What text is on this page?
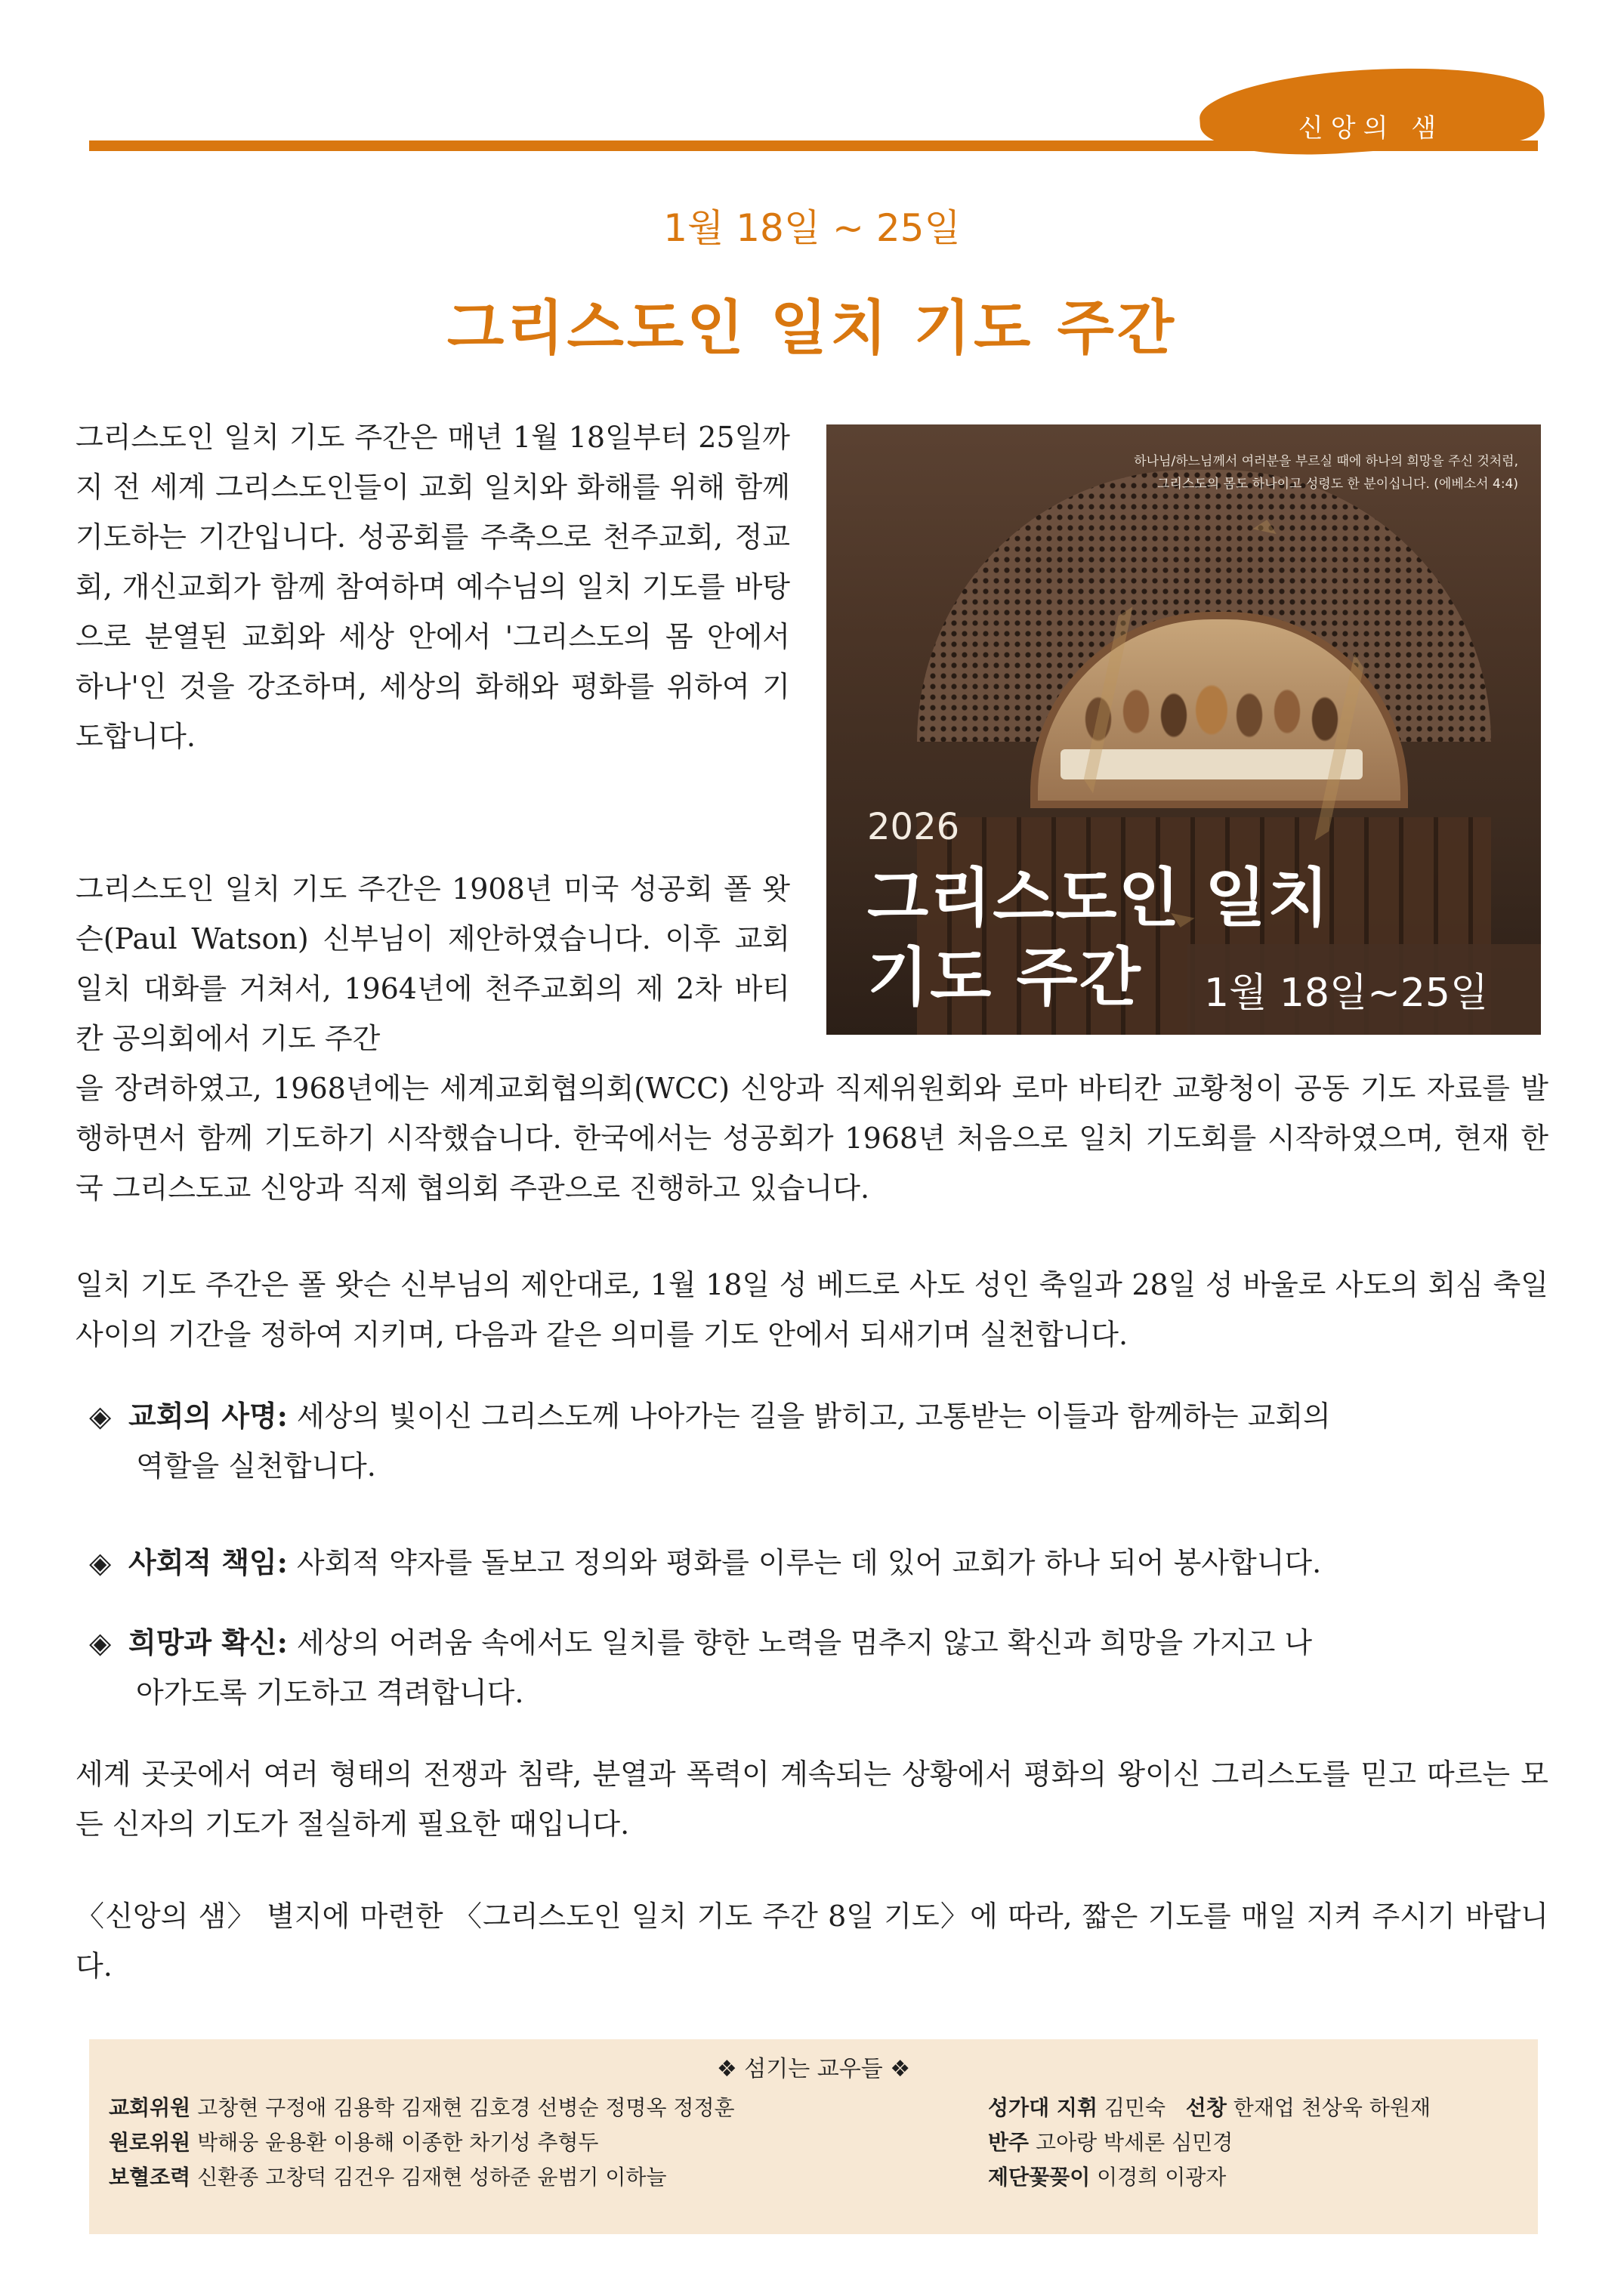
신앙의 샘
1월 18일 ~ 25일
그리스도인 일치 기도 주간

그리스도인 일치 기도 주간은 매년 1월 18일부터 25일까지 전 세계 그리스도인들이 교회 일치와 화해를 위해 함께 기도하는 기간입니다. 성공회를 주축으로 천주교회, 정교회, 개신교회가 함께 참여하며 예수님의 일치 기도를 바탕으로 분열된 교회와 세상 안에서 '그리스도의 몸 안에서 하나'인 것을 강조하며, 세상의 화해와 평화를 위하여 기도합니다.

하나님/하느님께서 여러분을 부르실 때에 하나의 희망을 주신 것처럼,
그리스도의 몸도 하나이고 성령도 한 분이십니다. (에베소서 4:4)
2026
그리스도인 일치
기도 주간 1월 18일~25일

그리스도인 일치 기도 주간은 1908년 미국 성공회 폴 왓슨(Paul Watson) 신부님이 제안하였습니다. 이후 교회 일치 대화를 거쳐서, 1964년에 천주교회의 제 2차 바티칸 공의회에서 기도 주간

을 장려하였고, 1968년에는 세계교회협의회(WCC) 신앙과 직제위원회와 로마 바티칸 교황청이 공동 기도 자료를 발행하면서 함께 기도하기 시작했습니다. 한국에서는 성공회가 1968년 처음으로 일치 기도회를 시작하였으며, 현재 한국 그리스도교 신앙과 직제 협의회 주관으로 진행하고 있습니다.

일치 기도 주간은 폴 왓슨 신부님의 제안대로, 1월 18일 성 베드로 사도 성인 축일과 28일 성 바울로 사도의 회심 축일 사이의 기간을 정하여 지키며, 다음과 같은 의미를 기도 안에서 되새기며 실천합니다.

◈ 교회의 사명: 세상의 빛이신 그리스도께 나아가는 길을 밝히고, 고통받는 이들과 함께하는 교회의
역할을 실천합니다.
◈ 사회적 책임: 사회적 약자를 돌보고 정의와 평화를 이루는 데 있어 교회가 하나 되어 봉사합니다.
◈ 희망과 확신: 세상의 어려움 속에서도 일치를 향한 노력을 멈추지 않고 확신과 희망을 가지고 나
아가도록 기도하고 격려합니다.

세계 곳곳에서 여러 형태의 전쟁과 침략, 분열과 폭력이 계속되는 상황에서 평화의 왕이신 그리스도를 믿고 따르는 모든 신자의 기도가 절실하게 필요한 때입니다.

〈신앙의 샘〉 별지에 마련한 〈그리스도인 일치 기도 주간 8일 기도〉에 따라, 짧은 기도를 매일 지켜 주시기 바랍니다.

❖ 섬기는 교우들 ❖
교회위원 고창현 구정애 김용학 김재현 김호경 선병순 정명옥 정정훈
원로위원 박해웅 윤용환 이용해 이종한 차기성 추형두
보혈조력 신환종 고창덕 김건우 김재현 성하준 윤범기 이하늘
성가대 지휘 김민숙 선창 한재업 천상욱 하원재
반주 고아랑 박세론 심민경
제단꽃꽂이 이경희 이광자
